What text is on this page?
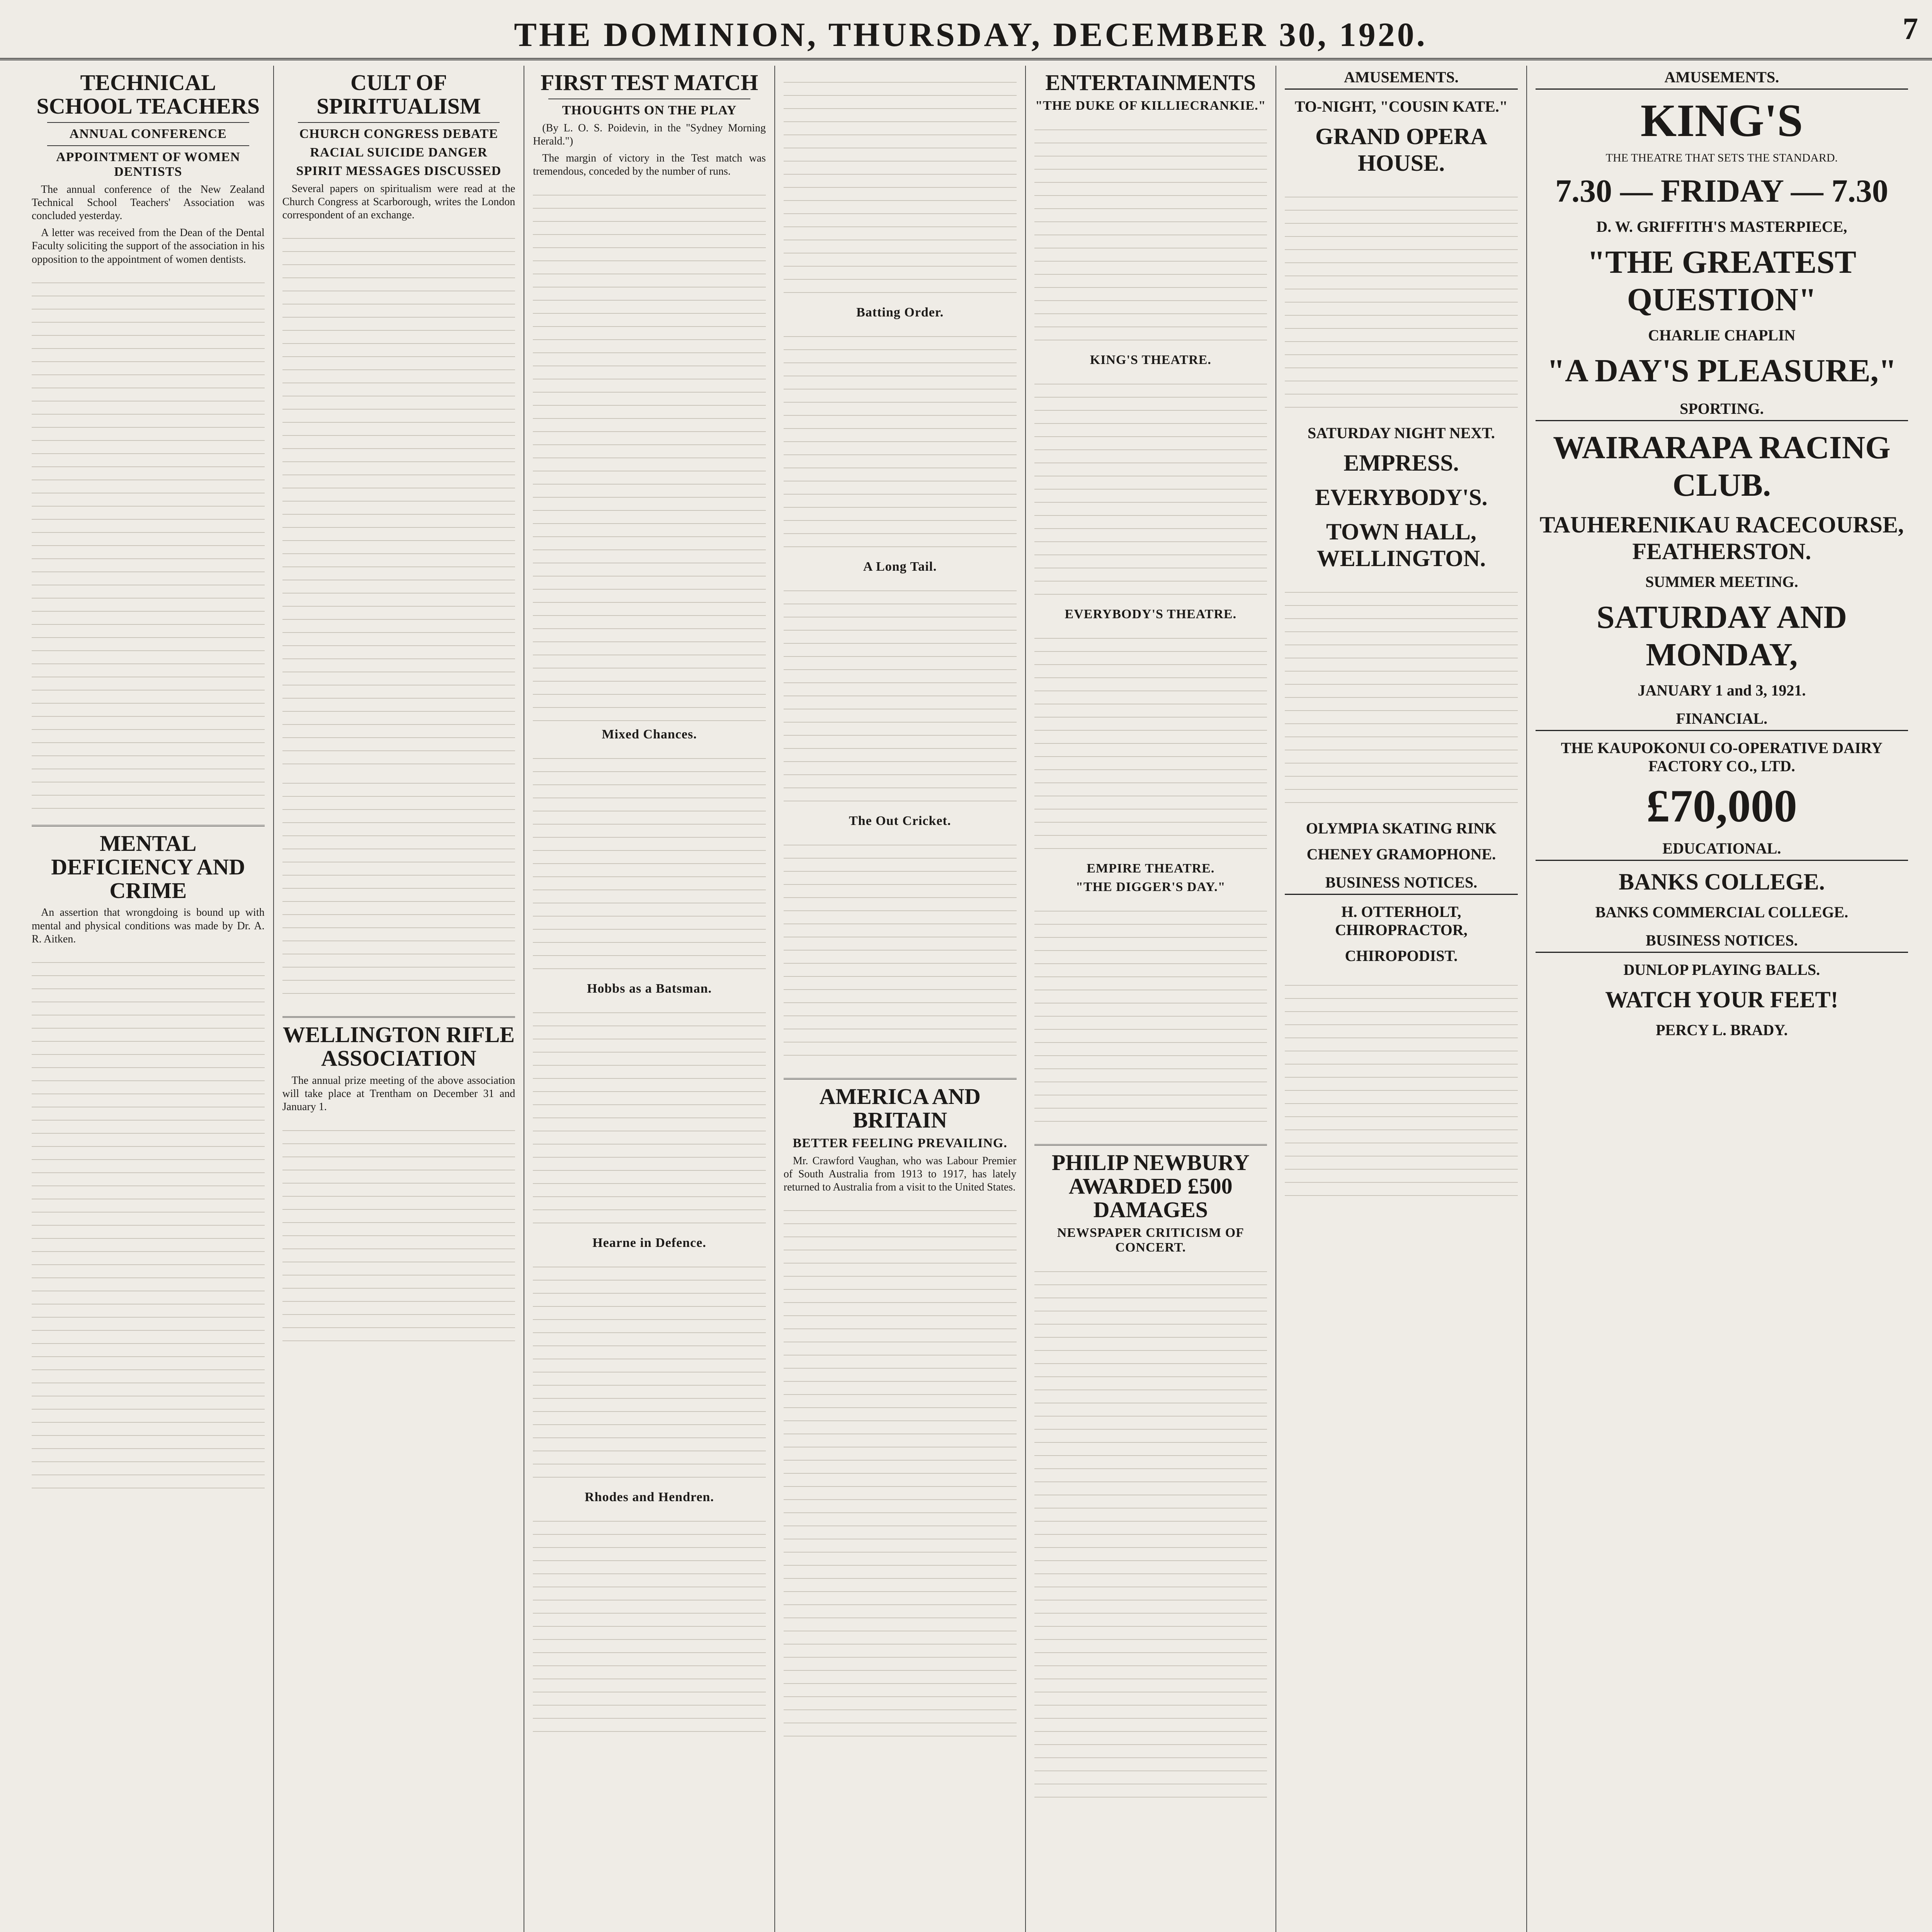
THE DOMINION, THURSDAY, DECEMBER 30, 1920.	7
TECHNICAL SCHOOL TEACHERS
ANNUAL CONFERENCE
APPOINTMENT OF WOMEN DENTISTS

The annual conference of the New Zealand Technical School Teachers' Association was concluded yesterday.

A letter was received from the Dean of the Dental Faculty soliciting the support of the association in his opposition to the appointment of women dentists.

MENTAL DEFICIENCY AND CRIME

An assertion that wrongdoing is bound up with mental and physical conditions was made by Dr. A. R. Aitken.

CULT OF SPIRITUALISM
CHURCH CONGRESS DEBATE
RACIAL SUICIDE DANGER
SPIRIT MESSAGES DISCUSSED

Several papers on spiritualism were read at the Church Congress at Scarborough, writes the London correspondent of an exchange.

WELLINGTON RIFLE ASSOCIATION

The annual prize meeting of the above association will take place at Trentham on December 31 and January 1.

FIRST TEST MATCH
THOUGHTS ON THE PLAY

(By L. O. S. Poidevin, in the "Sydney Morning Herald.")

The margin of victory in the Test match was tremendous, conceded by the number of runs.

Mixed Chances.
Hobbs as a Batsman.
Hearne in Defence.
Rhodes and Hendren.
Batting Order.
A Long Tail.
The Out Cricket.
AMERICA AND BRITAIN
BETTER FEELING PREVAILING.

Mr. Crawford Vaughan, who was Labour Premier of South Australia from 1913 to 1917, has lately returned to Australia from a visit to the United States.

ENTERTAINMENTS
"THE DUKE OF KILLIECRANKIE."
KING'S THEATRE.
EVERYBODY'S THEATRE.
EMPIRE THEATRE.
"THE DIGGER'S DAY."
PHILIP NEWBURY AWARDED £500 DAMAGES
NEWSPAPER CRITICISM OF CONCERT.
AMUSEMENTS.
TO-NIGHT, "COUSIN KATE."
GRAND OPERA HOUSE.
SATURDAY NIGHT NEXT.
EMPRESS.
EVERYBODY'S.
TOWN HALL, WELLINGTON.
OLYMPIA SKATING RINK
CHENEY GRAMOPHONE.
BUSINESS NOTICES.
H. OTTERHOLT, CHIROPRACTOR,
CHIROPODIST.
AMUSEMENTS.
KING'S
THE THEATRE THAT SETS THE STANDARD.
7.30 — FRIDAY — 7.30
D. W. GRIFFITH'S MASTERPIECE,
"THE GREATEST QUESTION"
CHARLIE CHAPLIN
"A DAY'S PLEASURE,"
SPORTING.
WAIRARAPA RACING CLUB.
TAUHERENIKAU RACECOURSE, FEATHERSTON.
SUMMER MEETING.
SATURDAY AND MONDAY,
JANUARY 1 and 3, 1921.
FINANCIAL.
THE KAUPOKONUI CO-OPERATIVE DAIRY FACTORY CO., LTD.
£70,000
EDUCATIONAL.
BANKS COLLEGE.
BANKS COMMERCIAL COLLEGE.
BUSINESS NOTICES.
DUNLOP PLAYING BALLS.
WATCH YOUR FEET!
PERCY L. BRADY.
